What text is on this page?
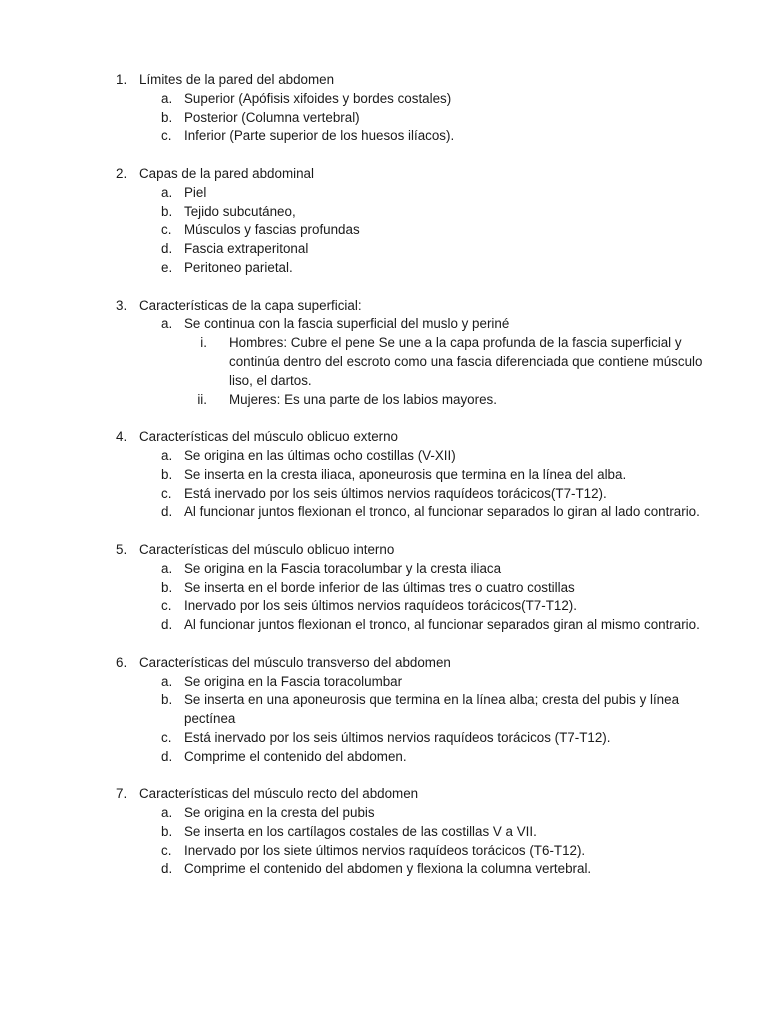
1. Límites de la pared del abdomen
a. Superior (Apófisis xifoides y bordes costales)
b. Posterior (Columna vertebral)
c. Inferior (Parte superior de los huesos ilíacos).
2. Capas de la pared abdominal
a. Piel
b. Tejido subcutáneo,
c. Músculos y fascias profundas
d. Fascia extraperitonal
e. Peritoneo parietal.
3. Características de la capa superficial:
a. Se continua con la fascia superficial del muslo y periné
i.	Hombres: Cubre el pene Se une a la capa profunda de la fascia superficial y continúa dentro del escroto como una fascia diferenciada que contiene músculo liso, el dartos.
ii.	Mujeres: Es una parte de los labios mayores.
4. Características del músculo oblicuo externo
a. Se origina en las últimas ocho costillas (V-XII)
b. Se inserta en la cresta iliaca, aponeurosis que termina en la línea del alba.
c. Está inervado por los seis últimos nervios raquídeos torácicos(T7-T12).
d. Al funcionar juntos flexionan el tronco, al funcionar separados lo giran al lado contrario.
5. Características del músculo oblicuo interno
a. Se origina en la Fascia toracolumbar y la cresta iliaca
b. Se inserta en el borde inferior de las últimas tres o cuatro costillas
c. Inervado por los seis últimos nervios raquídeos torácicos(T7-T12).
d. Al funcionar juntos flexionan el tronco, al funcionar separados giran al mismo contrario.
6. Características del músculo transverso del abdomen
a. Se origina en la Fascia toracolumbar
b. Se inserta en una aponeurosis que termina en la línea alba; cresta del pubis y línea pectínea
c. Está inervado por los seis últimos nervios raquídeos torácicos (T7-T12).
d. Comprime el contenido del abdomen.
7. Características del músculo recto del abdomen
a. Se origina en la cresta del pubis
b. Se inserta en los cartílagos costales de las costillas V a VII.
c. Inervado por los siete últimos nervios raquídeos torácicos (T6-T12).
d. Comprime el contenido del abdomen y flexiona la columna vertebral.
